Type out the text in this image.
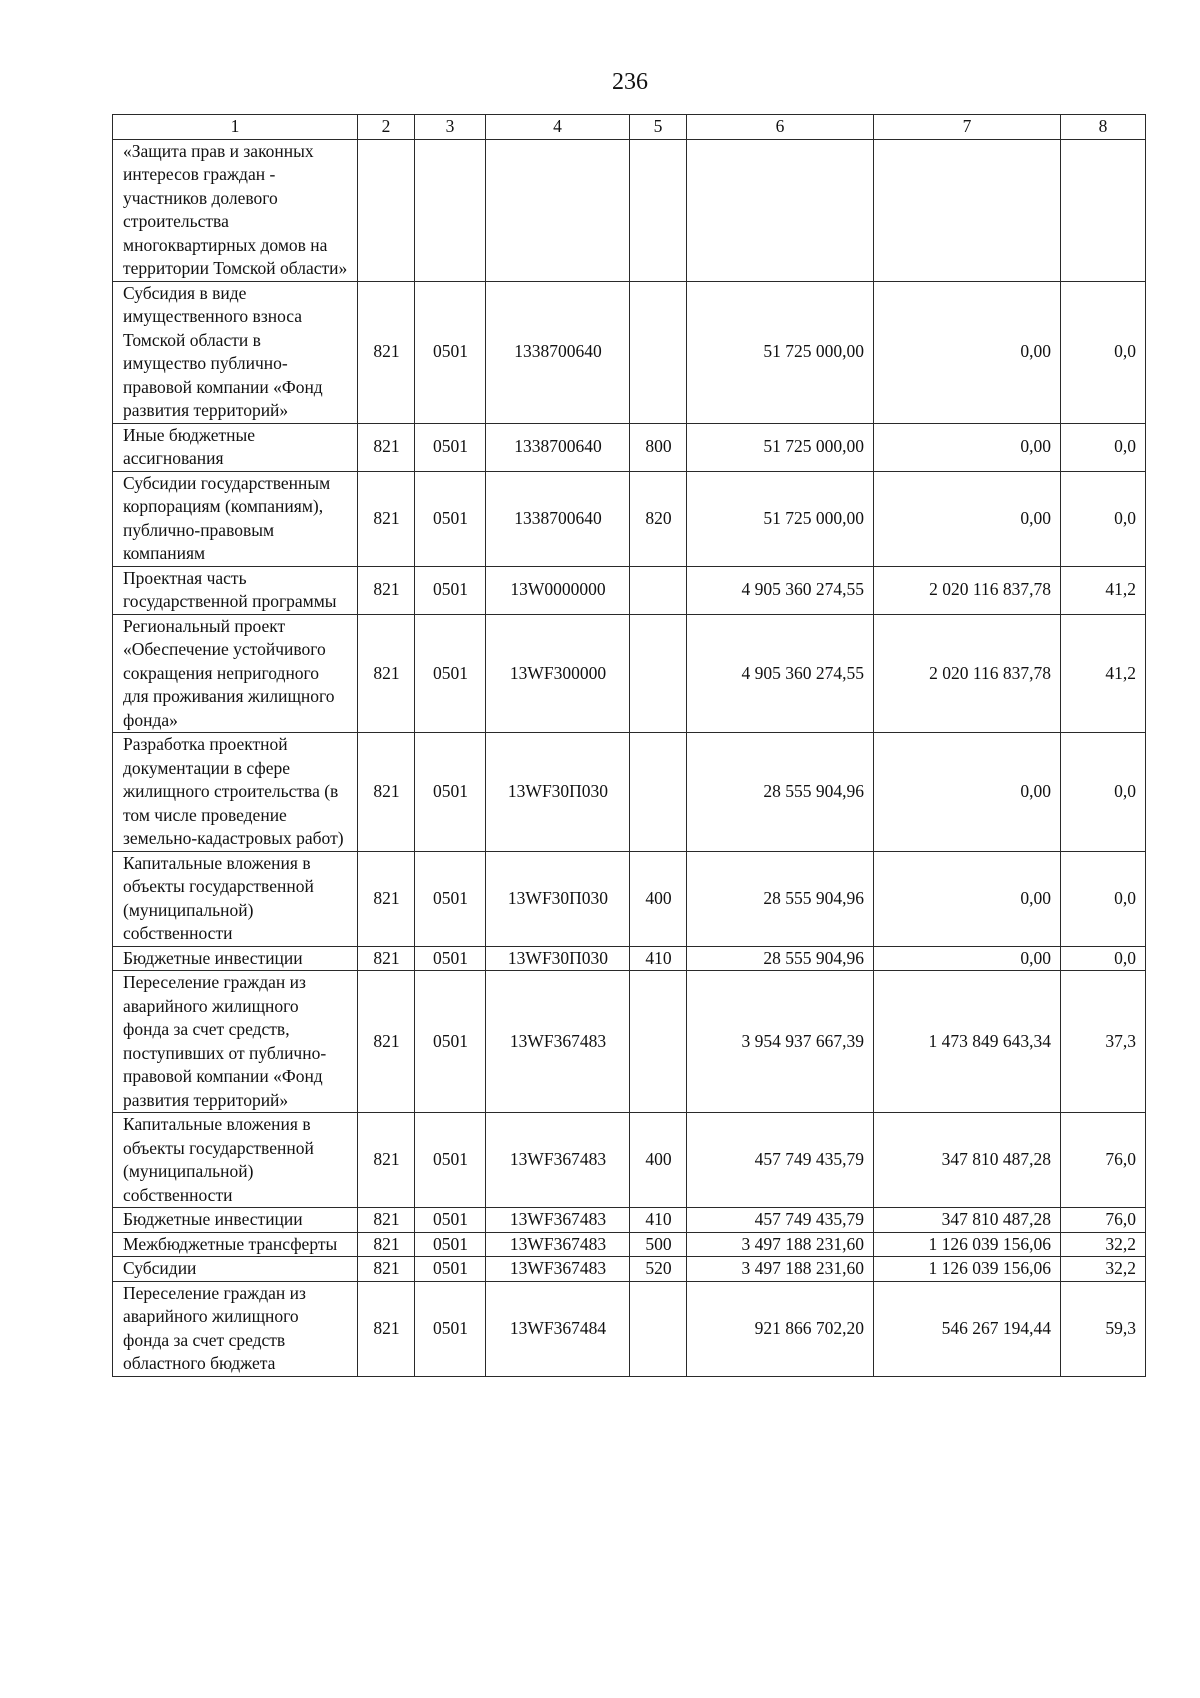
236
1	2	3	4	5	6	7	8
«Защита прав и законных интересов граждан - участников долевого строительства многоквартирных домов на территории Томской области»							
Субсидия в виде имущественного взноса Томской области в имущество публично-правовой компании «Фонд развития территорий»	821	0501	1338700640		51 725 000,00	0,00	0,0
Иные бюджетные ассигнования	821	0501	1338700640	800	51 725 000,00	0,00	0,0
Субсидии государственным корпорациям (компаниям), публично-правовым компаниям	821	0501	1338700640	820	51 725 000,00	0,00	0,0
Проектная часть государственной программы	821	0501	13W0000000		4 905 360 274,55	2 020 116 837,78	41,2
Региональный проект «Обеспечение устойчивого сокращения непригодного для проживания жилищного фонда»	821	0501	13WF300000		4 905 360 274,55	2 020 116 837,78	41,2
Разработка проектной документации в сфере жилищного строительства (в том числе проведение земельно-кадастровых работ)	821	0501	13WF30П030		28 555 904,96	0,00	0,0
Капитальные вложения в объекты государственной (муниципальной) собственности	821	0501	13WF30П030	400	28 555 904,96	0,00	0,0
Бюджетные инвестиции	821	0501	13WF30П030	410	28 555 904,96	0,00	0,0
Переселение граждан из аварийного жилищного фонда за счет средств, поступивших от публично-правовой компании «Фонд развития территорий»	821	0501	13WF367483		3 954 937 667,39	1 473 849 643,34	37,3
Капитальные вложения в объекты государственной (муниципальной) собственности	821	0501	13WF367483	400	457 749 435,79	347 810 487,28	76,0
Бюджетные инвестиции	821	0501	13WF367483	410	457 749 435,79	347 810 487,28	76,0
Межбюджетные трансферты	821	0501	13WF367483	500	3 497 188 231,60	1 126 039 156,06	32,2
Субсидии	821	0501	13WF367483	520	3 497 188 231,60	1 126 039 156,06	32,2
Переселение граждан из аварийного жилищного фонда за счет средств областного бюджета	821	0501	13WF367484		921 866 702,20	546 267 194,44	59,3
